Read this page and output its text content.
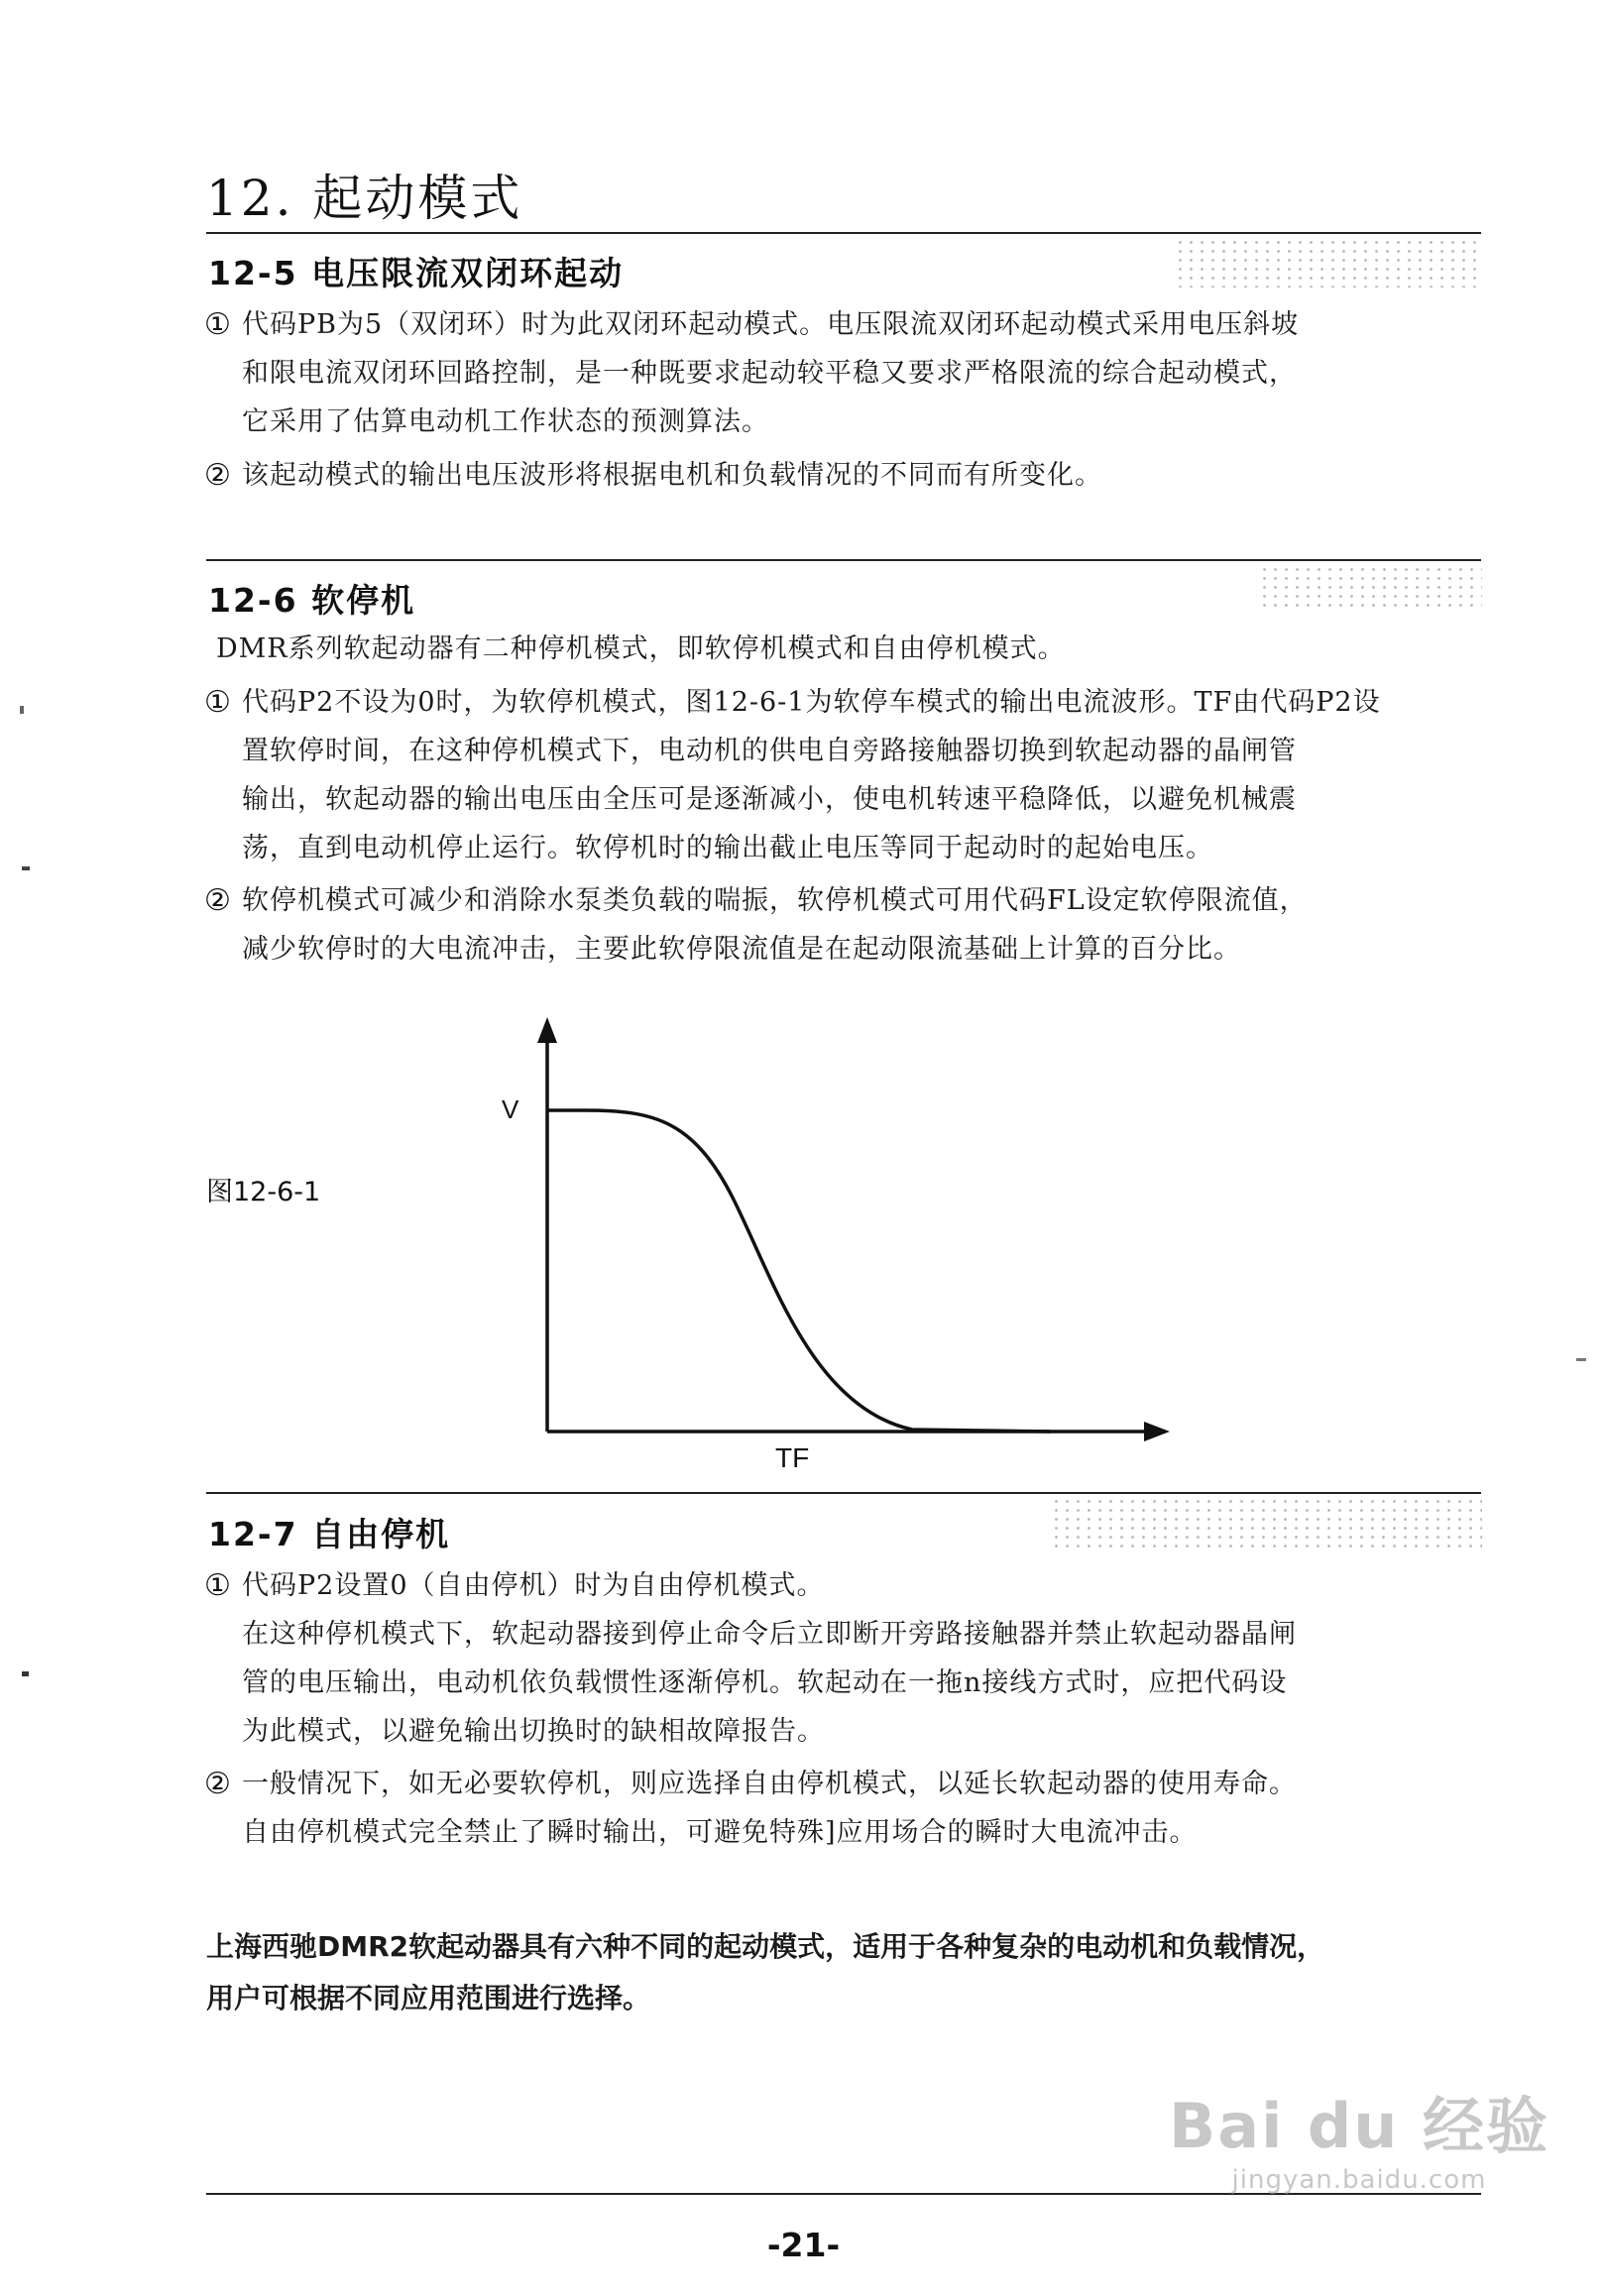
12. 起动模式
12-5 电压限流双闭环起动
① 代码PB为5（双闭环）时为此双闭环起动模式。电压限流双闭环起动模式采用电压斜坡
和限电流双闭环回路控制，是一种既要求起动较平稳又要求严格限流的综合起动模式，
它采用了估算电动机工作状态的预测算法。
② 该起动模式的输出电压波形将根据电机和负载情况的不同而有所变化。
12-6 软停机
DMR系列软起动器有二种停机模式，即软停机模式和自由停机模式。
① 代码P2不设为0时，为软停机模式，图12-6-1为软停车模式的输出电流波形。TF由代码P2设
置软停时间，在这种停机模式下，电动机的供电自旁路接触器切换到软起动器的晶闸管
输出，软起动器的输出电压由全压可是逐渐减小，使电机转速平稳降低，以避免机械震
荡，直到电动机停止运行。软停机时的输出截止电压等同于起动时的起始电压。
② 软停机模式可减少和消除水泵类负载的喘振，软停机模式可用代码FL设定软停限流值，
减少软停时的大电流冲击，主要此软停限流值是在起动限流基础上计算的百分比。
图12-6-1
V
TF
12-7 自由停机
① 代码P2设置0（自由停机）时为自由停机模式。
在这种停机模式下，软起动器接到停止命令后立即断开旁路接触器并禁止软起动器晶闸
管的电压输出，电动机依负载惯性逐渐停机。软起动在一拖n接线方式时，应把代码设
为此模式，以避免输出切换时的缺相故障报告。
② 一般情况下，如无必要软停机，则应选择自由停机模式，以延长软起动器的使用寿命。
自由停机模式完全禁止了瞬时输出，可避免特殊]应用场合的瞬时大电流冲击。
上海西驰DMR2软起动器具有六种不同的起动模式，适用于各种复杂的电动机和负载情况，
用户可根据不同应用范围进行选择。
-21-
Bai du 经验
jingyan.baidu.com
